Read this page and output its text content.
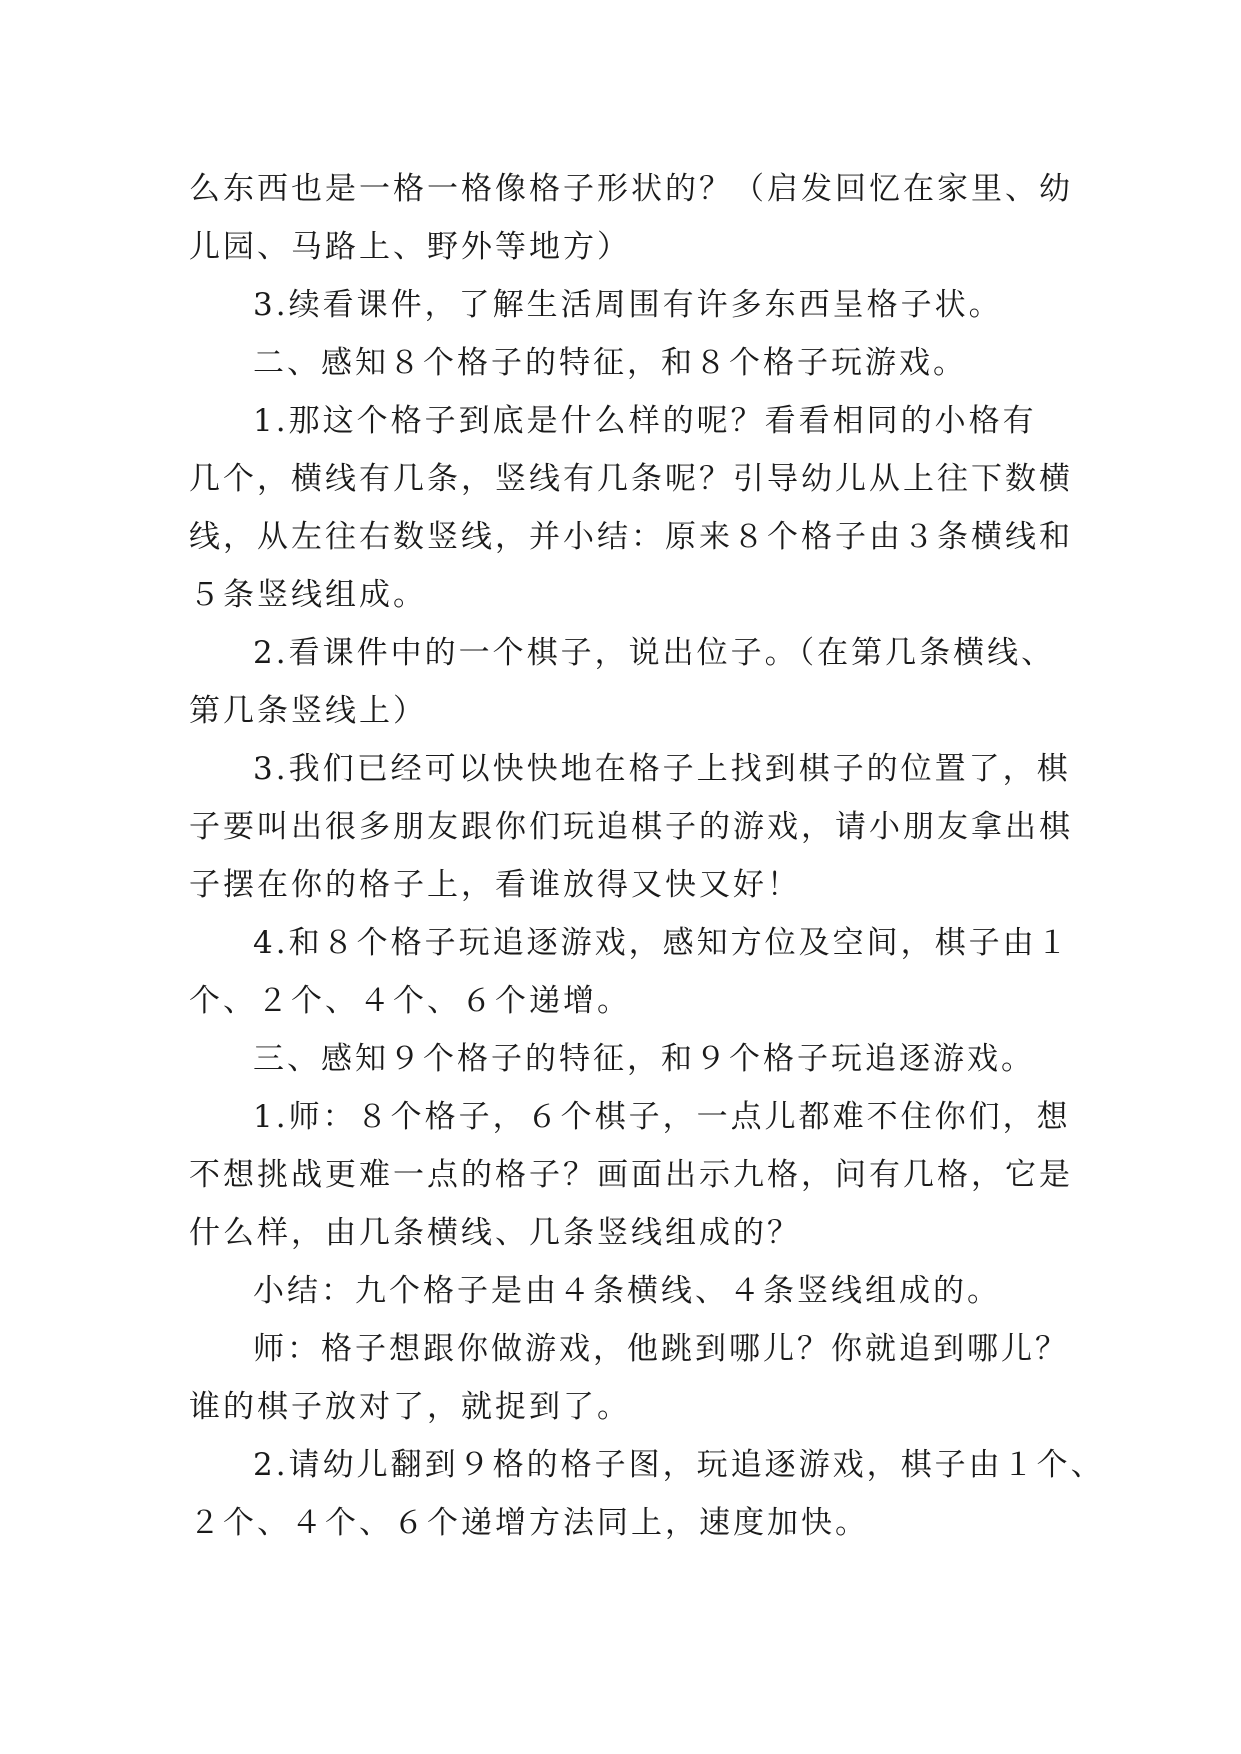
么东西也是一格一格像格子形状的？（启发回忆在家里、幼
儿园、马路上、野外等地方）
3.续看课件，了解生活周围有许多东西呈格子状。
二、感知８个格子的特征，和８个格子玩游戏。
1.那这个格子到底是什么样的呢？看看相同的小格有
几个，横线有几条，竖线有几条呢？引导幼儿从上往下数横
线，从左往右数竖线，并小结：原来８个格子由３条横线和
５条竖线组成。
2.看课件中的一个棋子，说出位子。（在第几条横线、
第几条竖线上）
3.我们已经可以快快地在格子上找到棋子的位置了，棋
子要叫出很多朋友跟你们玩追棋子的游戏，请小朋友拿出棋
子摆在你的格子上，看谁放得又快又好！
4.和８个格子玩追逐游戏，感知方位及空间，棋子由１
个、２个、４个、６个递增。
三、感知９个格子的特征，和９个格子玩追逐游戏。
1.师：８个格子，６个棋子，一点儿都难不住你们，想
不想挑战更难一点的格子？画面出示九格，问有几格，它是
什么样，由几条横线、几条竖线组成的？
小结：九个格子是由４条横线、４条竖线组成的。
师：格子想跟你做游戏，他跳到哪儿？你就追到哪儿？
谁的棋子放对了，就捉到了。
2.请幼儿翻到９格的格子图，玩追逐游戏，棋子由１个、
２个、４个、６个递增方法同上，速度加快。
